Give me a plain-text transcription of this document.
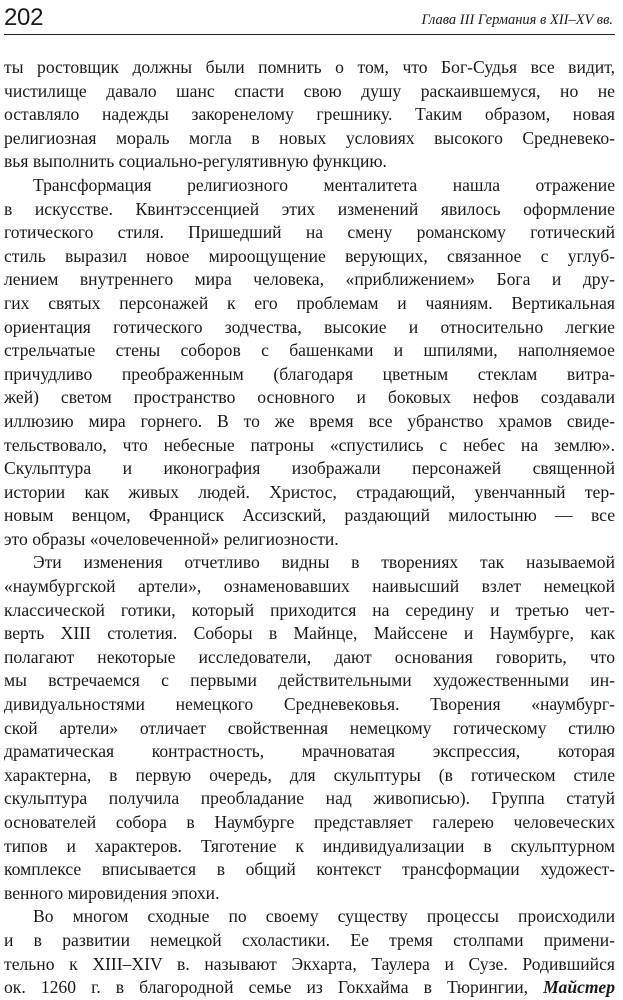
202	Глава III Германия в XII–XV вв.

ты ростовщик должны были помнить о том, что Бог-Судья все видит,
чистилище давало шанс спасти свою душу раскаившемуся, но не
оставляло надежды закоренелому грешнику. Таким образом, новая
религиозная мораль могла в новых условиях высокого Средневеко-
вья выполнить социально-регулятивную функцию.

Трансформация религиозного менталитета нашла отражение
в искусстве. Квинтэссенцией этих изменений явилось оформление
готического стиля. Пришедший на смену романскому готический
стиль выразил новое мироощущение верующих, связанное с углуб-
лением внутреннего мира человека, «приближением» Бога и дру-
гих святых персонажей к его проблемам и чаяниям. Вертикальная
ориентация готического зодчества, высокие и относительно легкие
стрельчатые стены соборов с башенками и шпилями, наполняемое
причудливо преображенным (благодаря цветным стеклам витра-
жей) светом пространство основного и боковых нефов создавали
иллюзию мира горнего. В то же время все убранство храмов свиде-
тельствовало, что небесные патроны «спустились с небес на землю».
Скульптура и иконография изображали персонажей священной
истории как живых людей. Христос, страдающий, увенчанный тер-
новым венцом, Франциск Ассизский, раздающий милостыню — все
это образы «очеловеченной» религиозности.

Эти изменения отчетливо видны в творениях так называемой
«наумбургской артели», ознаменовавших наивысший взлет немецкой
классической готики, который приходится на середину и третью чет-
верть XIII столетия. Соборы в Майнце, Майссене и Наумбурге, как
полагают некоторые исследователи, дают основания говорить, что
мы встречаемся с первыми действительными художественными ин-
дивидуальностями немецкого Средневековья. Творения «наумбург-
ской артели» отличает свойственная немецкому готическому стилю
драматическая контрастность, мрачноватая экспрессия, которая
характерна, в первую очередь, для скульптуры (в готическом стиле
скульптура получила преобладание над живописью). Группа статуй
основателей собора в Наумбурге представляет галерею человеческих
типов и характеров. Тяготение к индивидуализации в скульптурном
комплексе вписывается в общий контекст трансформации художест-
венного мировидения эпохи.

Во многом сходные по своему существу процессы происходили
и в развитии немецкой схоластики. Ее тремя столпами примени-
тельно к XIII–XIV в. называют Экхарта, Таулера и Сузе. Родившийся
ок. 1260 г. в благородной семье из Гокхайма в Тюрингии, Майстер
